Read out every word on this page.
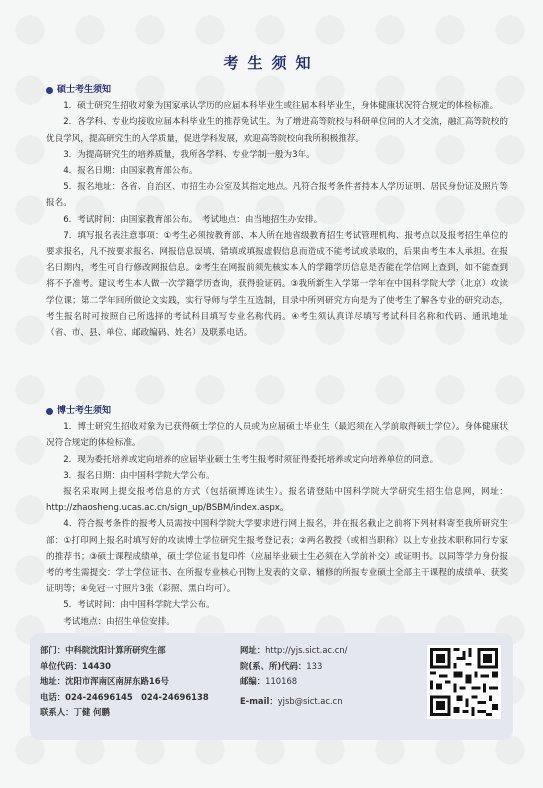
考生须知
硕士考生须知

1．硕士研究生招收对象为国家承认学历的应届本科毕业生或往届本科毕业生，身体健康状况符合规定的体检标准。

2．各学科、专业均接收应届本科毕业生的推荐免试生。为了增进高等院校与科研单位间的人才交流，融汇高等院校的优良学风，提高研究生的入学质量，促进学科发展，欢迎高等院校向我所积极推荐。

3．为提高研究生的培养质量，我所各学科、专业学制一般为3年。

4．报名日期：由国家教育部公布。

5．报名地址：各省、自治区、市招生办公室及其指定地点。凡符合报考条件者持本人学历证明、居民身份证及照片等报名。

6．考试时间：由国家教育部公布。　考试地点：由当地招生办安排。

7．填写报名表注意事项：①考生必须按教育部、本人所在地省级教育招生考试管理机构、报考点以及报考招生单位的要求报名，凡不按要求报名、网报信息误填、错填或填报虚假信息而造成不能考试或录取的，后果由考生本人承担。在报名日期内，考生可自行修改网报信息。②考生在网报前须先核实本人的学籍学历信息是否能在学信网上查到，如不能查到将不予准考。建议考生本人做一次学籍学历查询，获得验证码。③我所新生入学第一学年在中国科学院大学（北京）攻读学位课；第二学年回所做论文实践，实行导师与学生互选制，目录中所列研究方向是为了使考生了解各专业的研究动态，考生报名时可按照自己所选择的考试科目填写专业名称代码。④考生须认真详尽填写考试科目名称和代码、通讯地址（省、市、县、单位、邮政编码、姓名）及联系电话。

博士考生须知

1．博士研究生招收对象为已获得硕士学位的人员或为应届硕士毕业生（最迟须在入学前取得硕士学位）。身体健康状况符合规定的体检标准。

2．现为委托培养或定向培养的应届毕业硕士生考生报考时须征得委托培养或定向培养单位的同意。

3．报名日期：由中国科学院大学公布。

报名采取网上提交报考信息的方式（包括硕博连读生）。报名请登陆中国科学院大学研究生招生信息网，网址：http://zhaosheng.ucas.ac.cn/sign_up/BSBM/index.aspx。

4．符合报考条件的报考人员需按中国科学院大学要求进行网上报名，并在报名截止之前将下列材料寄至我所研究生部：①打印网上报名时填写好的攻读博士学位研究生报考登记表；②两名教授（或相当职称）以上专业技术职称同行专家的推荐书；③硕士课程成绩单，硕士学位证书复印件（应届毕业硕士生必须在入学前补交）或证明书。以同等学力身份报考的考生需提交：学士学位证书、在所报专业核心刊物上发表的文章、辅修的所报专业硕士全部主干课程的成绩单、获奖证明等；④免冠一寸照片3张（彩照、黑白均可）。

5．考试时间：由中国科学院大学公布。

考试地点：由招生单位安排。

部门：中科院沈阳计算所研究生部
单位代码：14430
地址：沈阳市浑南区南屏东路16号
电话：024-24696145　024-24696138
联系人：丁健 何鹏
网址：http://yjs.sict.ac.cn/
院(系、所)代码：133
邮编：110168
E-mail：yjsb@sict.ac.cn
